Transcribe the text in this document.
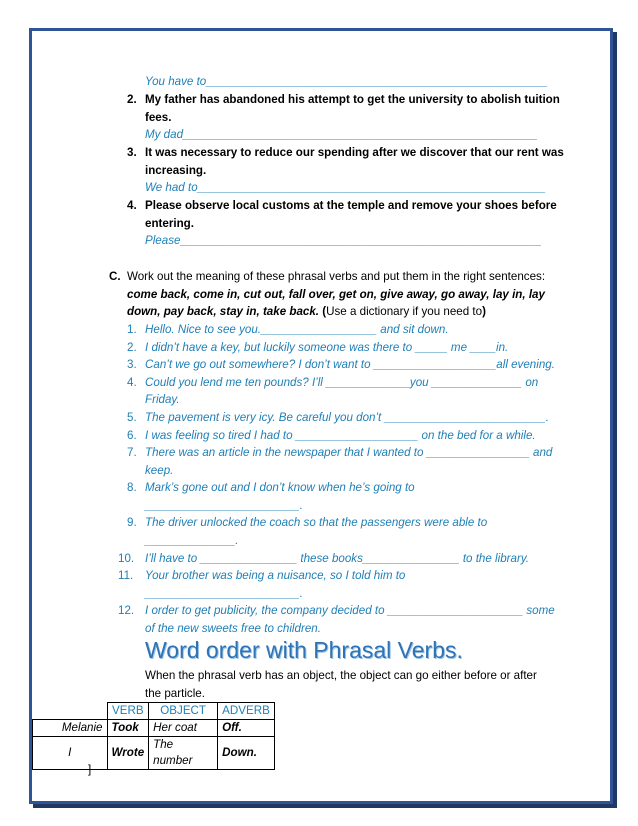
You have to_____________________________________________________
2. My father has abandoned his attempt to get the university to abolish tuition
fees.
My dad_______________________________________________________
3. It was necessary to reduce our spending after we discover that our rent was
increasing.
We had to______________________________________________________
4. Please observe local customs at the temple and remove your shoes before
entering.
Please________________________________________________________
C. Work out the meaning of these phrasal verbs and put them in the right sentences:
come back, come in, cut out, fall over, get on, give away, go away, lay in, lay
down, pay back, stay in, take back. (Use a dictionary if you need to)
1. Hello. Nice to see you.__________________ and sit down.
2. I didn’t have a key, but luckily someone was there to _____ me ____in.
3. Can’t we go out somewhere? I don’t want to ___________________all evening.
4. Could you lend me ten pounds? I’ll _____________you ______________ on
Friday.
5. The pavement is very icy. Be careful you don’t _________________________.
6. I was feeling so tired I had to ___________________ on the bed for a while.
7. There was an article in the newspaper that I wanted to ________________ and
keep.
8. Mark’s gone out and I don’t know when he’s going to
________________________.
9. The driver unlocked the coach so that the passengers were able to
______________.
10. I’ll have to _______________ these books_______________ to the library.
11. Your brother was being a nuisance, so I told him to
________________________.
12. I order to get publicity, the company decided to _____________________ some
of the new sweets free to children.
Word order with Phrasal Verbs.
When the phrasal verb has an object, the object can go either before or after
the particle.
	VERB	OBJECT	ADVERB
Melanie	Took	Her coat	Off.
I	Wrote	The number	Down.
]
